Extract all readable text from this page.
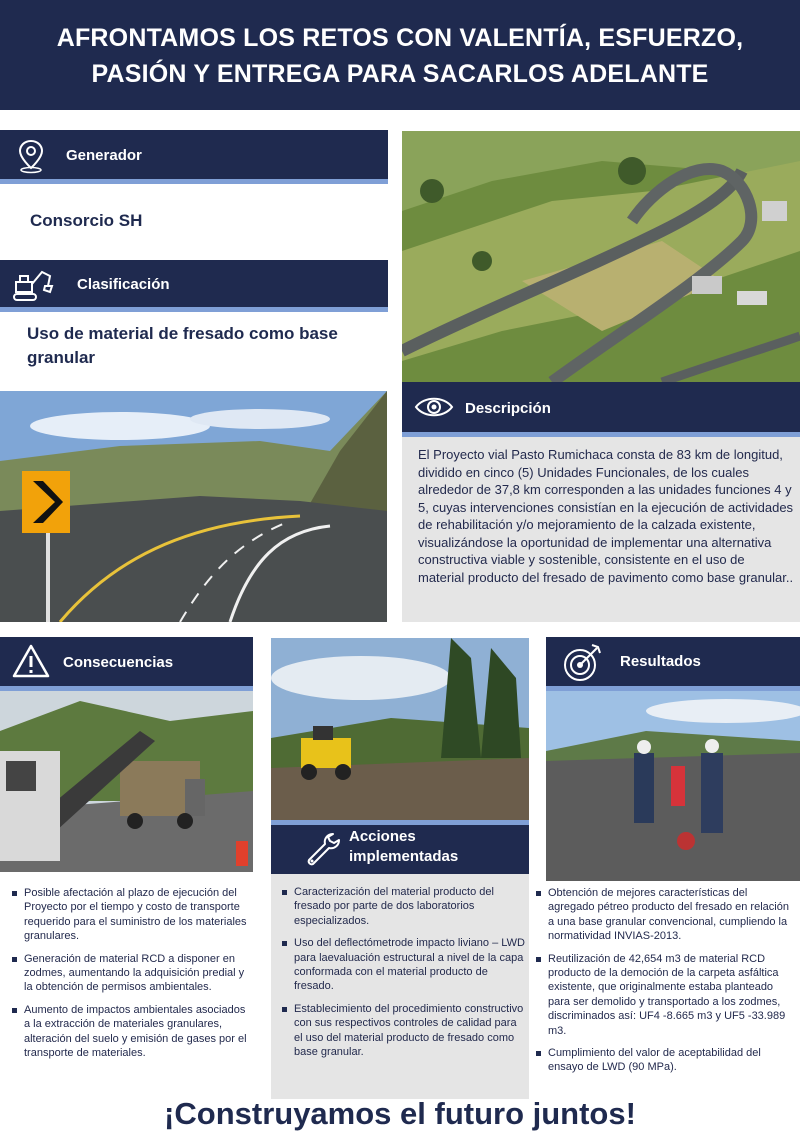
AFRONTAMOS LOS RETOS CON VALENTÍA, ESFUERZO,
PASIÓN Y ENTREGA PARA SACARLOS ADELANTE
Generador
Consorcio SH
Clasificación
Uso de material de fresado como base granular
Descripción
El Proyecto vial Pasto Rumichaca consta de 83 km de longitud, dividido en cinco (5) Unidades Funcionales, de los cuales alrededor de 37,8 km corresponden a las unidades funciones 4 y 5, cuyas intervenciones consistían en la ejecución de actividades de rehabilitación y/o mejoramiento de la calzada existente, visualizándose la oportunidad de implementar una alternativa constructiva viable y sostenible, consistente en el uso de material producto del fresado de pavimento como base granular..
Consecuencias
Posible afectación al plazo de ejecución del Proyecto por el tiempo y costo de transporte requerido para el suministro de los materiales granulares.
Generación de material RCD a disponer en zodmes, aumentando la adquisición predial y la obtención de permisos ambientales.
Aumento de impactos ambientales asociados a la extracción de materiales granulares, alteración del suelo y emisión de gases por el transporte de materiales.
Acciones
implementadas
Caracterización del material producto del fresado por parte de dos laboratorios especializados.
Uso del deflectómetrode impacto liviano – LWD para laevaluación estructural a nivel de la capa conformada con el material producto de fresado.
Establecimiento del procedimiento constructivo con sus respectivos controles de calidad para el uso del material producto de fresado como base granular.
Resultados
Obtención de mejores características del agregado pétreo producto del fresado en relación a una base granular convencional, cumpliendo la normatividad INVIAS-2013.
Reutilización de 42,654 m3 de material RCD producto de la democión de la carpeta asfáltica existente, que originalmente estaba planteado para ser demolido y transportado a los zodmes, discriminados así: UF4 -8.665 m3 y UF5 -33.989 m3.
Cumplimiento del valor de aceptabilidad del ensayo de LWD (90 MPa).
¡Construyamos el futuro juntos!
